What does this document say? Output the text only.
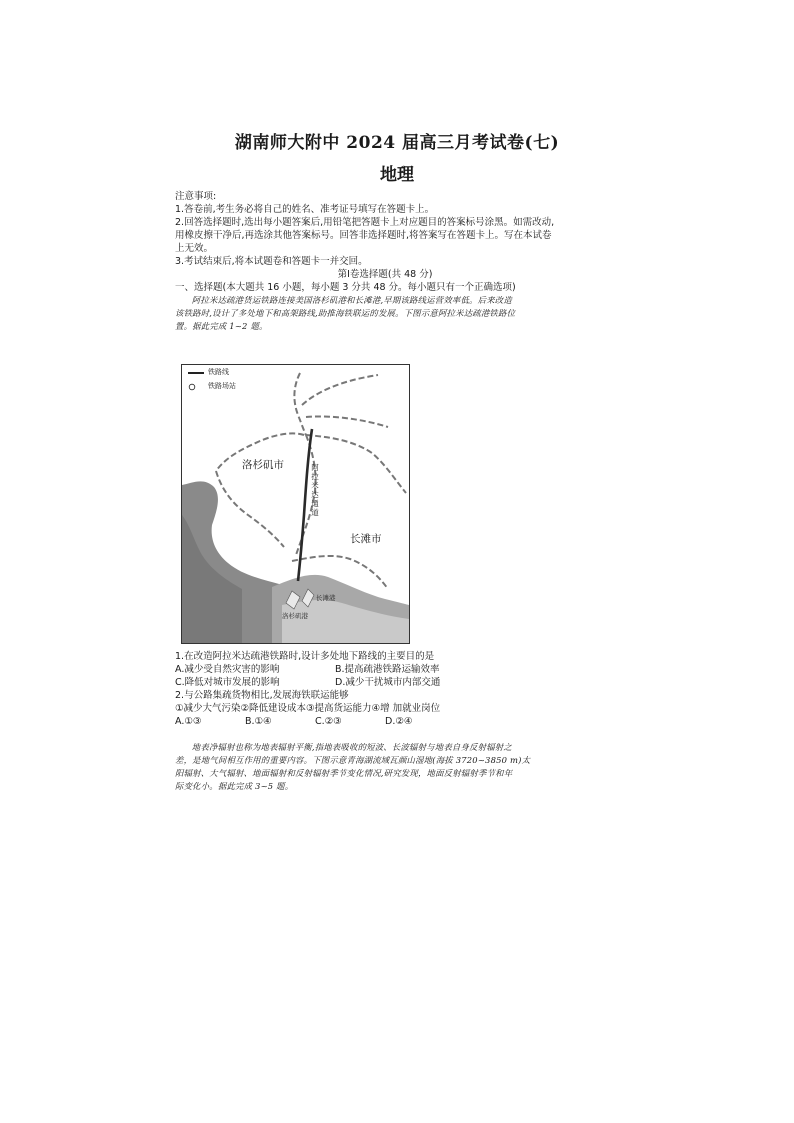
湖南师大附中 2024 届高三月考试卷(七)
地理
注意事项:
1.答卷前,考生务必将自己的姓名、准考证号填写在答题卡上。
2.回答选择题时,选出每小题答案后,用铅笔把答题卡上对应题目的答案标号涂黑。如需改动,
用橡皮擦干净后,再选涂其他答案标号。回答非选择题时,将答案写在答题卡上。写在本试卷
上无效。
3.考试结束后,将本试题卷和答题卡一并交回。
第Ⅰ卷选择题(共 48 分)
一、选择题(本大题共 16 小题，每小题 3 分共 48 分。每小题只有一个正确选项)
阿拉米达疏港货运铁路连接美国洛杉矶港和长滩港,早期该路线运营效率低。后来改造
该铁路时,设计了多处地下和高架路线,助推海铁联运的发展。下图示意阿拉米达疏港铁路位
置。据此完成 1~2 题。
铁路线
铁路场站
洛杉矶市
长滩市
阿
拉
米
达
通
道
长滩港
洛杉矶港
1.在改造阿拉米达疏港铁路时,设计多处地下路线的主要目的是
A.减少受自然灾害的影响	B.提高疏港铁路运输效率
C.降低对城市发展的影响	D.减少干扰城市内部交通
2.与公路集疏货物相比,发展海铁联运能够
①减少大气污染②降低建设成本③提高货运能力④增 加就业岗位
A.①③	B.①④	C.②③	D.②④
地表净辐射也称为地表辐射平衡,指地表吸收的短波、长波辐射与地表自身反射辐射之
差，是地气间相互作用的重要内容。下图示意青海湖流域瓦颜山湿地(海拔 3720~3850 m)太
阳辐射、大气辐射、地面辐射和反射辐射季节变化情况,研究发现，地面反射辐射季节和年
际变化小。据此完成 3~5 题。
